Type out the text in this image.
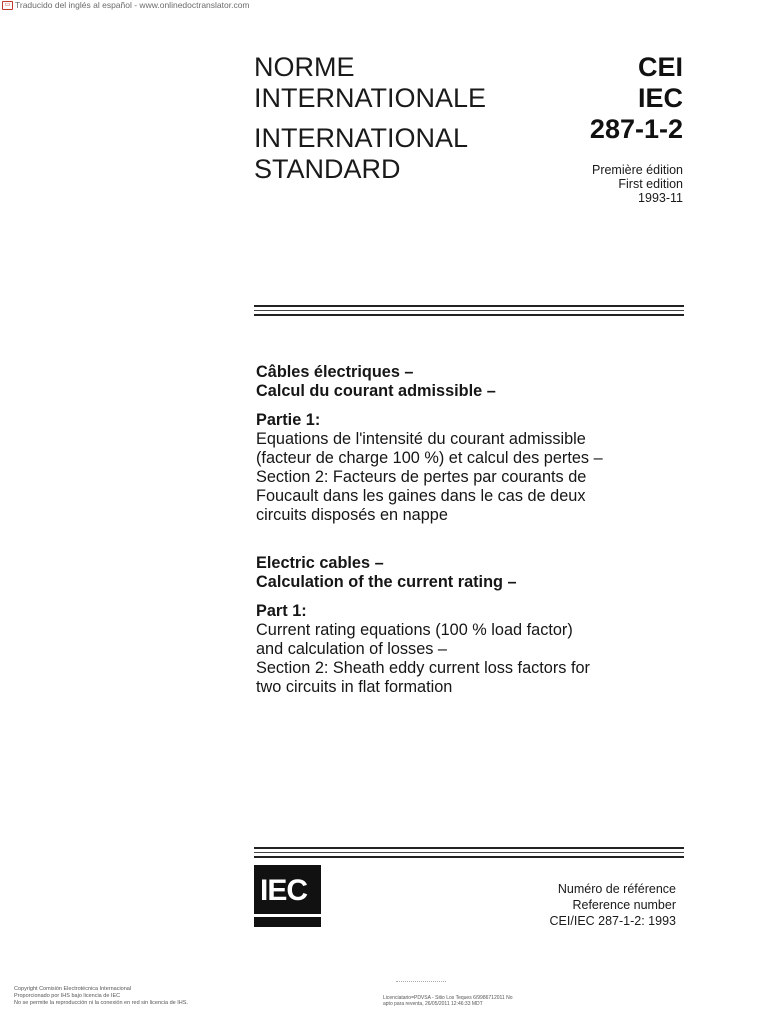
▭ Traducido del inglés al español - www.onlinedoctranslator.com
NORME
INTERNATIONALE
INTERNATIONAL
STANDARD
CEI
IEC
287-1-2
Première édition
First edition
1993-11
Câbles électriques –
Calcul du courant admissible –
Partie 1:
Equations de l'intensité du courant admissible
(facteur de charge 100 %) et calcul des pertes –
Section 2: Facteurs de pertes par courants de
Foucault dans les gaines dans le cas de deux
circuits disposés en nappe
Electric cables –
Calculation of the current rating –
Part 1:
Current rating equations (100 % load factor)
and calculation of losses –
Section 2: Sheath eddy current loss factors for
two circuits in flat formation
IEC	Numéro de référence
Reference number
CEI/IEC 287-1-2: 1993
Copyright Comisión Electrotécnica Internacional
Proporcionado por IHS bajo licencia de IEC
No se permite la reproducción ni la conexión en red sin licencia de IHS.
Licenciatario=PDVSA - Sitio Los Teques 6/9986712011 No
apto para reventa, 26/05/2011 12:46:33 MDT
